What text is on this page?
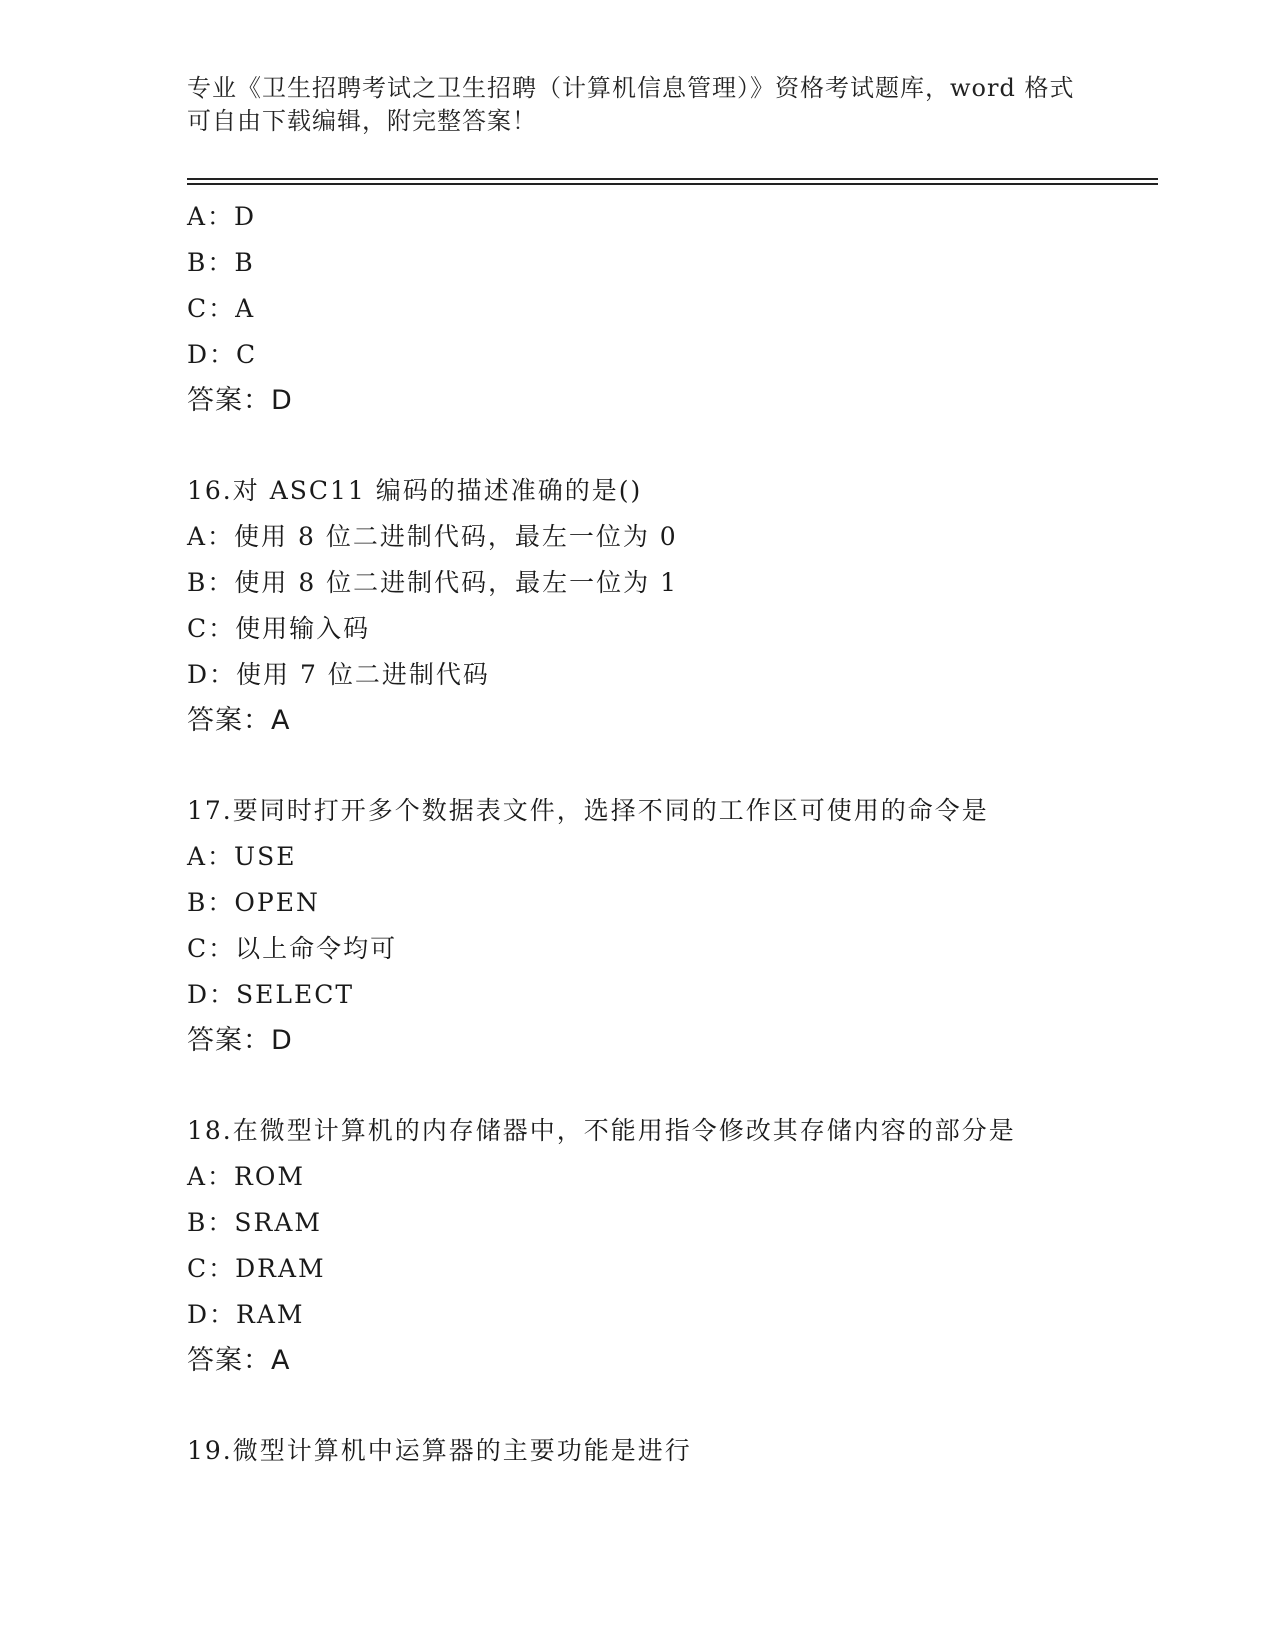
专业《卫生招聘考试之卫生招聘（计算机信息管理）》资格考试题库，word 格式
可自由下载编辑，附完整答案！
A：D
B：B
C：A
D：C
答案：D
16.对 ASC11 编码的描述准确的是()
A：使用 8 位二进制代码，最左一位为 0
B：使用 8 位二进制代码，最左一位为 1
C：使用输入码
D：使用 7 位二进制代码
答案：A
17.要同时打开多个数据表文件，选择不同的工作区可使用的命令是
A：USE
B：OPEN
C：以上命令均可
D：SELECT
答案：D
18.在微型计算机的内存储器中，不能用指令修改其存储内容的部分是
A：ROM
B：SRAM
C：DRAM
D：RAM
答案：A
19.微型计算机中运算器的主要功能是进行
